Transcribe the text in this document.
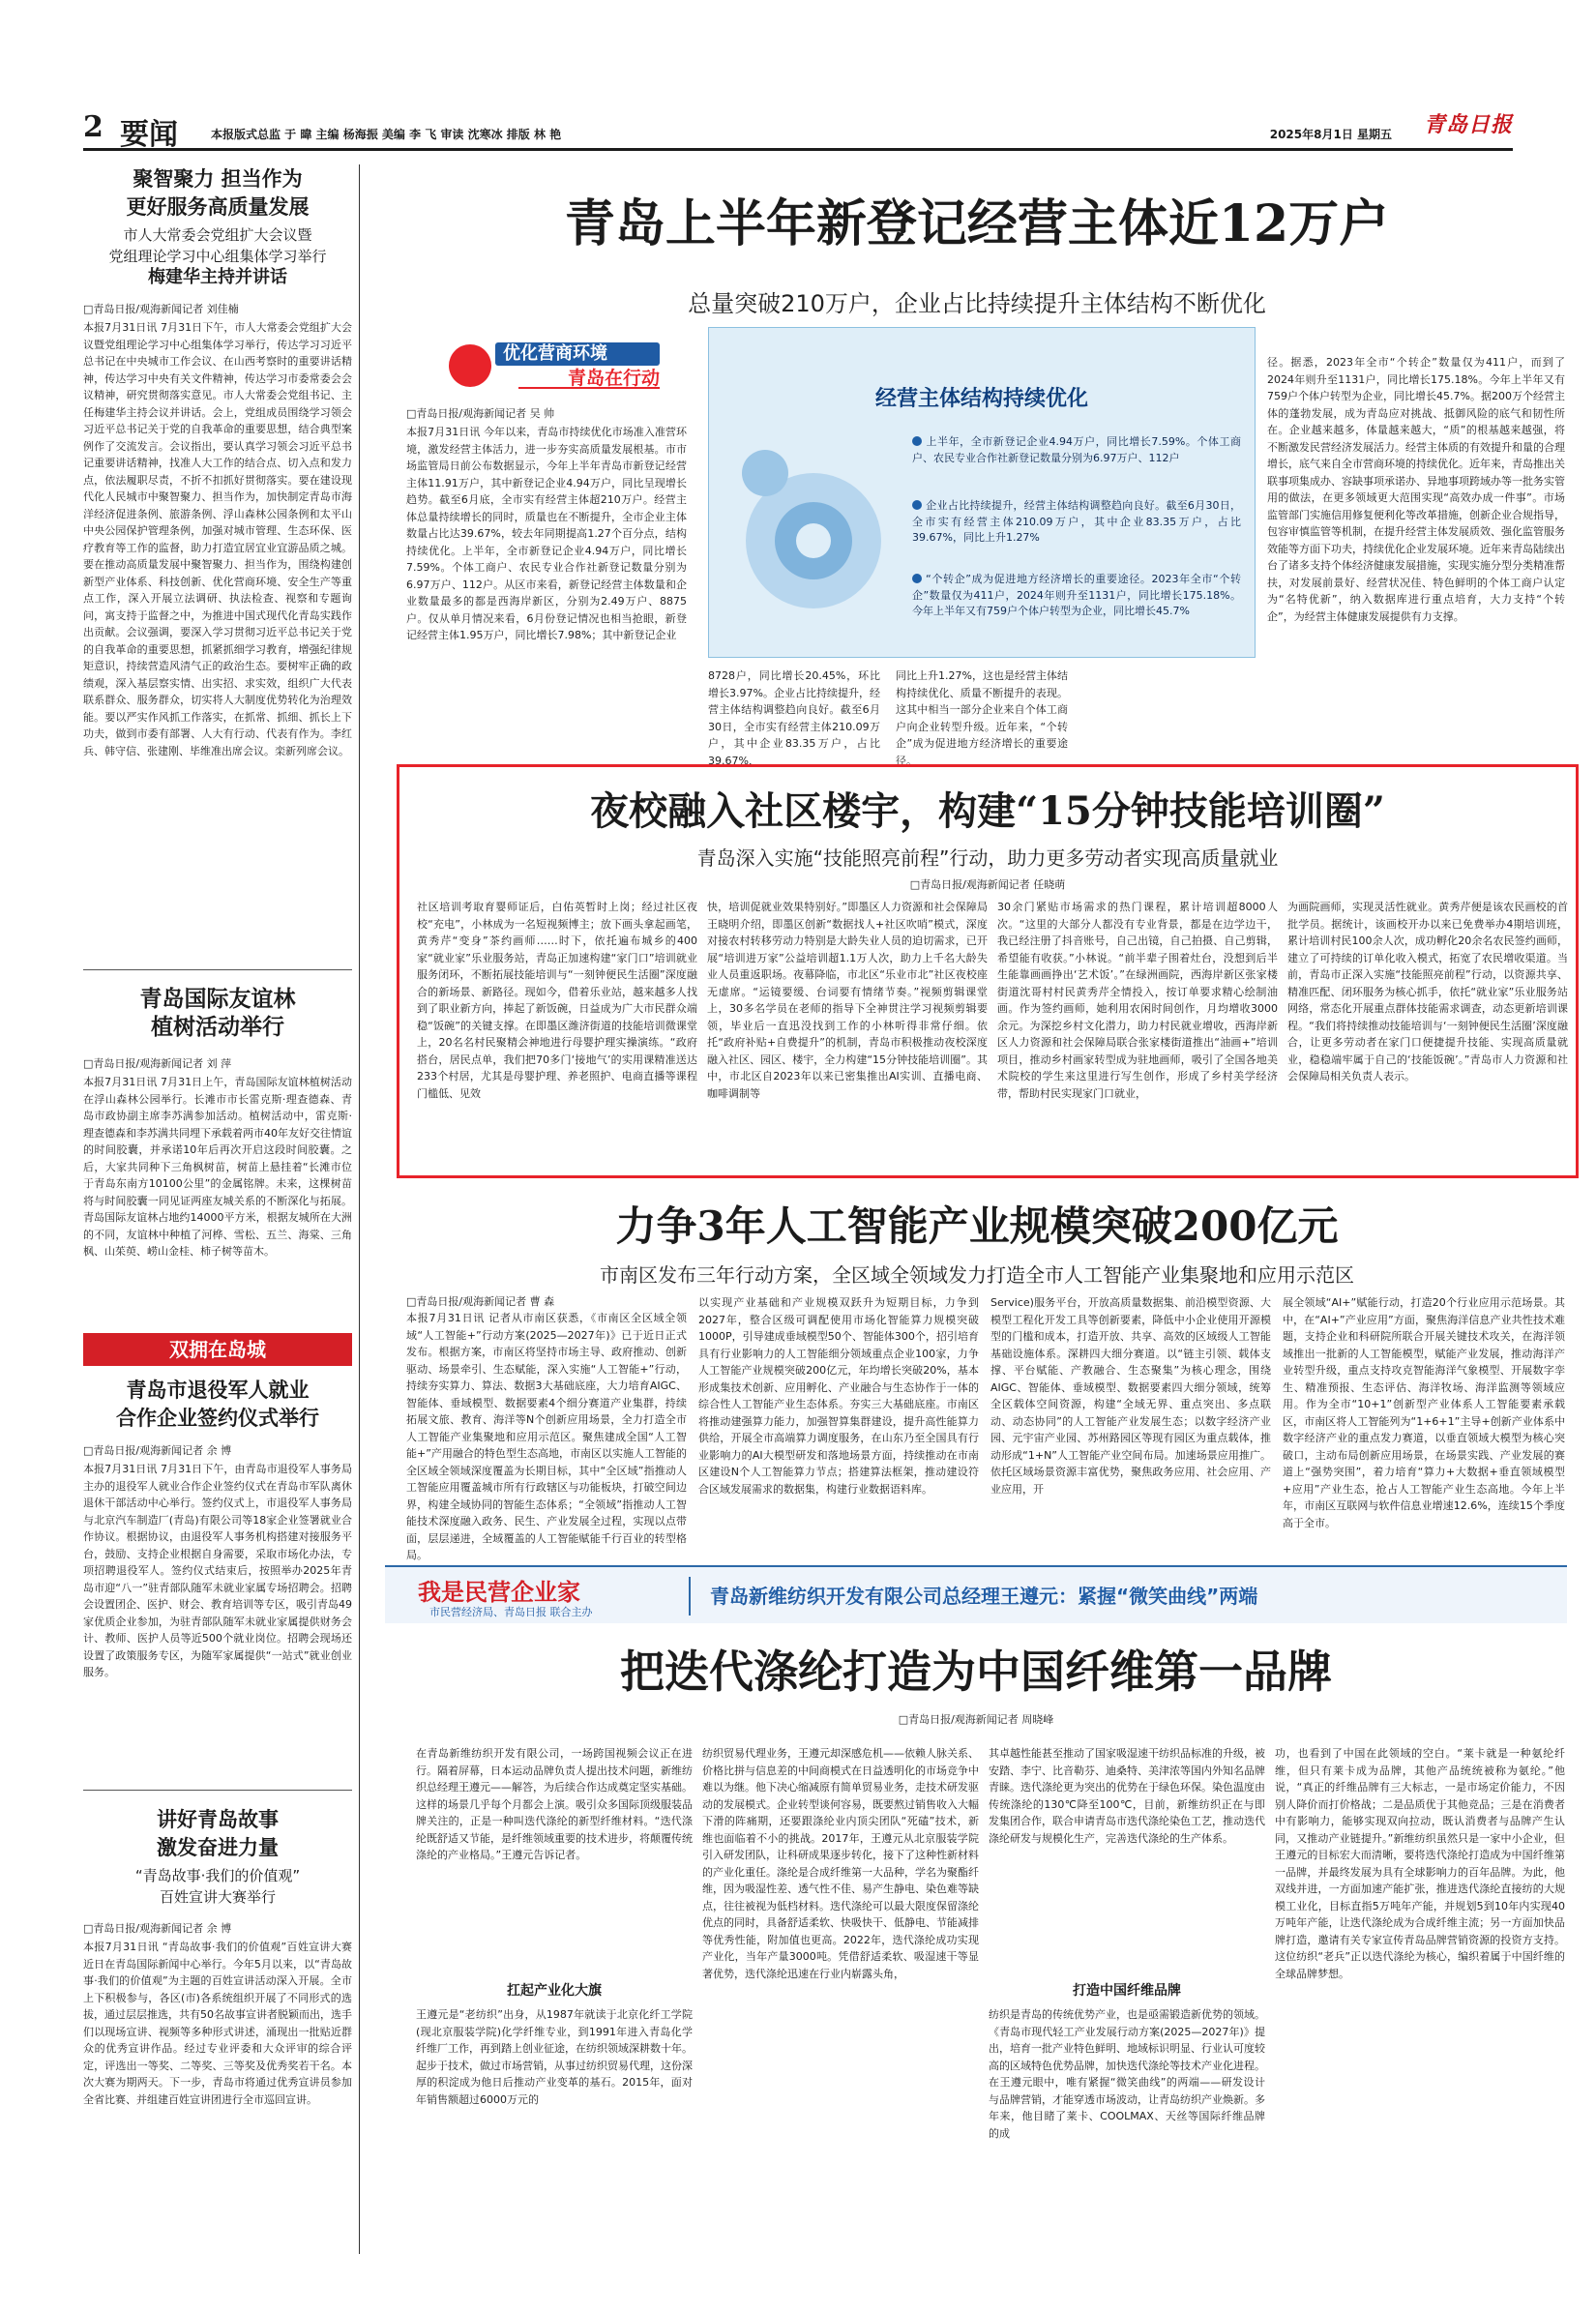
2 要闻	本报版式总监 于 暐 主编 杨海振 美编 李 飞 审读 沈寒冰 排版 林 艳	2025年8月1日 星期五	青岛日报
聚智聚力 担当作为
更好服务高质量发展
市人大常委会党组扩大会议暨
党组理论学习中心组集体学习举行
梅建华主持并讲话
□青岛日报/观海新闻记者 刘佳楠
本报7月31日讯 7月31日下午，市人大常委会党组扩大会议暨党组理论学习中心组集体学习举行，传达学习习近平总书记在中央城市工作会议、在山西考察时的重要讲话精神，传达学习中央有关文件精神，传达学习市委常委会会议精神，研究贯彻落实意见。市人大常委会党组书记、主任梅建华主持会议并讲话。会上，党组成员围绕学习领会习近平总书记关于党的自我革命的重要思想，结合典型案例作了交流发言。会议指出，要认真学习领会习近平总书记重要讲话精神，找准人大工作的结合点、切入点和发力点，依法履职尽责，不折不扣抓好贯彻落实。要在建设现代化人民城市中聚智聚力、担当作为，加快制定青岛市海洋经济促进条例、旅游条例、浮山森林公园条例和太平山中央公园保护管理条例，加强对城市管理、生态环保、医疗教育等工作的监督，助力打造宜居宜业宜游品质之城。要在推动高质量发展中聚智聚力、担当作为，围绕构建创新型产业体系、科技创新、优化营商环境、安全生产等重点工作，深入开展立法调研、执法检查、视察和专题询问，寓支持于监督之中，为推进中国式现代化青岛实践作出贡献。会议强调，要深入学习贯彻习近平总书记关于党的自我革命的重要思想，抓紧抓细学习教育，增强纪律规矩意识，持续营造风清气正的政治生态。要树牢正确的政绩观，深入基层察实情、出实招、求实效，组织广大代表联系群众、服务群众，切实将人大制度优势转化为治理效能。要以严实作风抓工作落实，在抓常、抓细、抓长上下功夫，做到市委有部署、人大有行动、代表有作为。李红兵、韩守信、张建刚、毕维准出席会议。栾新列席会议。
青岛国际友谊林
植树活动举行
□青岛日报/观海新闻记者 刘 萍
本报7月31日讯 7月31日上午，青岛国际友谊林植树活动在浮山森林公园举行。长滩市市长雷克斯·理查德森、青岛市政协副主席李苏满参加活动。植树活动中，雷克斯·理查德森和李苏满共同埋下承载着两市40年友好交往情谊的时间胶囊，并承诺10年后再次开启这段时间胶囊。之后，大家共同种下三角枫树苗，树苗上悬挂着“长滩市位于青岛东南方10100公里”的金属铭牌。未来，这棵树苗将与时间胶囊一同见证两座友城关系的不断深化与拓展。青岛国际友谊林占地约14000平方米，根据友城所在大洲的不同，友谊林中种植了河桦、雪松、五兰、海棠、三角枫、山茱萸、崂山金桂、柿子树等苗木。
双拥在岛城
青岛市退役军人就业
合作企业签约仪式举行
□青岛日报/观海新闻记者 余 博
本报7月31日讯 7月31日下午，由青岛市退役军人事务局主办的退役军人就业合作企业签约仪式在青岛市军队离休退休干部活动中心举行。签约仪式上，市退役军人事务局与北京汽车制造厂(青岛)有限公司等18家企业签署就业合作协议。根据协议，由退役军人事务机构搭建对接服务平台，鼓励、支持企业根据自身需要，采取市场化办法，专项招聘退役军人。签约仪式结束后，按照举办2025年青岛市迎“八一”驻青部队随军未就业家属专场招聘会。招聘会设置团企、医护、财会、教育培训等专区，吸引青岛49家优质企业参加，为驻青部队随军未就业家属提供财务会计、教师、医护人员等近500个就业岗位。招聘会现场还设置了政策服务专区，为随军家属提供“一站式”就业创业服务。
讲好青岛故事
激发奋进力量
“青岛故事·我们的价值观”
百姓宣讲大赛举行
□青岛日报/观海新闻记者 余 博
本报7月31日讯 “青岛故事·我们的价值观”百姓宣讲大赛近日在青岛国际新闻中心举行。今年5月以来，以“青岛故事·我们的价值观”为主题的百姓宣讲活动深入开展。全市上下积极参与，各区(市)各系统组织开展了不同形式的选拔，通过层层推选，共有50名故事宣讲者脱颖而出，选手们以现场宣讲、视频等多种形式讲述，涌现出一批贴近群众的优秀宣讲作品。经过专业评委和大众评审的综合评定，评选出一等奖、二等奖、三等奖及优秀奖若干名。本次大赛为期两天。下一步，青岛市将通过优秀宣讲员参加全省比赛、并组建百姓宣讲团进行全市巡回宣讲。
青岛上半年新登记经营主体近12万户
总量突破210万户，企业占比持续提升主体结构不断优化
优化营商环境
青岛在行动
□青岛日报/观海新闻记者 吴 帅
本报7月31日讯 今年以来，青岛市持续优化市场准入准营环境，激发经营主体活力，进一步夯实高质量发展根基。市市场监管局日前公布数据显示，今年上半年青岛市新登记经营主体11.91万户，其中新登记企业4.94万户，同比呈现增长趋势。截至6月底，全市实有经营主体超210万户。经营主体总量持续增长的同时，质量也在不断提升，全市企业主体数量占比达39.67%，较去年同期提高1.27个百分点，结构持续优化。上半年，全市新登记企业4.94万户，同比增长7.59%。个体工商户、农民专业合作社新登记数量分别为6.97万户、112户。从区市来看，新登记经营主体数量和企业数量最多的都是西海岸新区，分别为2.49万户、8875户。仅从单月情况来看，6月份登记情况也相当抢眼，新登记经营主体1.95万户，同比增长7.98%；其中新登记企业
经营主体结构持续优化
上半年，全市新登记企业4.94万户，同比增长7.59%。个体工商户、农民专业合作社新登记数量分别为6.97万户、112户
企业占比持续提升，经营主体结构调整趋向良好。截至6月30日，全市实有经营主体210.09万户，其中企业83.35万户，占比39.67%，同比上升1.27%
“个转企”成为促进地方经济增长的重要途径。2023年全市“个转企”数量仅为411户，2024年则升至1131户，同比增长175.18%。今年上半年又有759户个体户转型为企业，同比增长45.7%
8728户，同比增长20.45%，环比增长3.97%。企业占比持续提升，经营主体结构调整趋向良好。截至6月30日，全市实有经营主体210.09万户，其中企业83.35万户，占比39.67%，
同比上升1.27%，这也是经营主体结构持续优化、质量不断提升的表现。这其中相当一部分企业来自个体工商户向企业转型升级。近年来，“个转企”成为促进地方经济增长的重要途径。
径。据悉，2023年全市“个转企”数量仅为411户，而到了2024年则升至1131户，同比增长175.18%。今年上半年又有759户个体户转型为企业，同比增长45.7%。据200万个经营主体的蓬勃发展，成为青岛应对挑战、抵御风险的底气和韧性所在。企业越来越多，体量越来越大，“质”的根基越来越强，将不断激发民营经济发展活力。经营主体质的有效提升和量的合理增长，底气来自全市营商环境的持续优化。近年来，青岛推出关联事项集成办、容缺事项承诺办、异地事项跨域办等一批务实管用的做法，在更多领域更大范围实现“高效办成一件事”。市场监管部门实施信用修复便利化等改革措施，创新企业合规指导，包容审慎监管等机制，在提升经营主体发展质效、强化监管服务效能等方面下功夫，持续优化企业发展环境。近年来青岛陆续出台了诸多支持个体经济健康发展措施，实现实施分型分类精准帮扶，对发展前景好、经营状况佳、特色鲜明的个体工商户认定为“名特优新”，纳入数据库进行重点培育，大力支持“个转企”，为经营主体健康发展提供有力支撑。
夜校融入社区楼宇，构建“15分钟技能培训圈”
青岛深入实施“技能照亮前程”行动，助力更多劳动者实现高质量就业
□青岛日报/观海新闻记者 任晓萌
社区培训考取育婴师证后，白佑英暂时上岗；经过社区夜校“充电”，小林成为一名短视频博主；放下画头拿起画笔，黄秀芹“变身”茶约画师……时下，依托遍布城乡的400家“就业家”乐业服务站，青岛正加速构建“家门口”培训就业服务闭环，不断拓展技能培训与“一刻钟便民生活圈”深度融合的新场景、新路径。现如今，借着乐业站，越来越多人找到了职业新方向，捧起了新饭碗，日益成为广大市民群众端稳“饭碗”的关键支撑。在即墨区潍济街道的技能培训微课堂上，20名名村民聚精会神地进行母婴护理实操演练。“政府搭台，居民点单，我们把70多门‘接地气’的实用课精准送达233个村居，尤其是母婴护理、养老照护、电商直播等课程门槛低、见效
快，培训促就业效果特别好。”即墨区人力资源和社会保障局王晓明介绍，即墨区创新“数据找人+社区吹哨”模式，深度对接农村转移劳动力特别是大龄失业人员的迫切需求，已开展“培训进万家”公益培训超1.1万人次，助力上千名大龄失业人员重返职场。夜幕降临，市北区“乐业市北”社区夜校座无虚席。“运镜要缓、台词要有情绪节奏。”视频剪辑课堂上，30多名学员在老师的指导下全神贯注学习视频剪辑要领，毕业后一直迅没找到工作的小林听得非常仔细。依托“政府补贴+自费提升”的机制，青岛市积极推动夜校深度融入社区、园区、楼宇，全力构建“15分钟技能培训圈”。其中，市北区自2023年以来已密集推出AI实训、直播电商、咖啡调制等
30余门紧贴市场需求的热门课程，累计培训超8000人次。“这里的大部分人都没有专业背景，都是在边学边干，我已经注册了抖音账号，自己出镜，自己拍摄、自己剪辑，希望能有收获。”小林说。“前半辈子围着灶台，没想到后半生能靠画画挣出‘艺术饭’。”在绿洲画院，西海岸新区张家楼街道沈哥村村民黄秀芹全情投入，按订单要求精心绘制油画。作为签约画师，她利用农闲时间创作，月均增收3000余元。为深挖乡村文化潜力，助力村民就业增收，西海岸新区人力资源和社会保障局联合张家楼街道推出“油画+”培训项目，推动乡村画家转型成为驻地画师，吸引了全国各地美术院校的学生来这里进行写生创作，形成了乡村美学经济带，帮助村民实现家门口就业，
为画院画师，实现灵活性就业。黄秀芹便是该农民画校的首批学员。据统计，该画校开办以来已免费举办4期培训班，累计培训村民100余人次，成功孵化20余名农民签约画师，建立了可持续的订单化收入模式，拓宽了农民增收渠道。当前，青岛市正深入实施“技能照亮前程”行动，以资源共享、精准匹配、闭环服务为核心抓手，依托“就业家”乐业服务站网络，常态化开展重点群体技能需求调查，动态更新培训课程。“我们将持续推动技能培训与‘一刻钟便民生活圈’深度融合，让更多劳动者在家门口便捷提升技能、实现高质量就业，稳稳端牢属于自己的‘技能饭碗’。”青岛市人力资源和社会保障局相关负责人表示。
力争3年人工智能产业规模突破200亿元
市南区发布三年行动方案，全区域全领域发力打造全市人工智能产业集聚地和应用示范区
□青岛日报/观海新闻记者 曹 森
本报7月31日讯 记者从市南区获悉，《市南区全区域全领域“人工智能+”行动方案(2025—2027年)》已于近日正式发布。根据方案，市南区将坚持市场主导、政府推动、创新驱动、场景牵引、生态赋能，深入实施“人工智能+”行动，持续夯实算力、算法、数据3大基础底座，大力培育AIGC、智能体、垂域模型、数据要素4个细分赛道产业集群，持续拓展文旅、教育、海洋等N个创新应用场景，全力打造全市人工智能产业集聚地和应用示范区。聚焦建成全国“人工智能+”产用融合的特色型生态高地，市南区以实施人工智能的全区域全领域深度覆盖为长期目标，其中“全区域”指推动人工智能应用覆盖城市所有行政辖区与功能板块，打破空间边界，构建全域协同的智能生态体系；“全领域”指推动人工智能技术深度融入政务、民生、产业发展全过程，实现以点带面，层层递进，全域覆盖的人工智能赋能千行百业的转型格局。
以实现产业基础和产业规模双跃升为短期目标，力争到2027年，整合区级可调配使用市场化智能算力规模突破1000P，引导建成垂域模型50个、智能体300个，招引培育具有行业影响力的人工智能细分领域重点企业100家，力争人工智能产业规模突破200亿元，年均增长突破20%，基本形成集技术创新、应用孵化、产业融合与生态协作于一体的综合性人工智能产业生态体系。夯实三大基础底座。市南区将推动建强算力能力，加强智算集群建设，提升高性能算力供给，开展全市高端算力调度服务，在山东乃至全国具有行业影响力的AI大模型研发和落地场景方面，持续推动在市南区建设N个人工智能算力节点；搭建算法框架，推动建设符合区域发展需求的数据集，构建行业数据语料库。
Service)服务平台，开放高质量数据集、前沿模型资源、大模型工程化开发工具等创新要素，降低中小企业使用开源模型的门槛和成本，打造开放、共享、高效的区域级人工智能基础设施体系。深耕四大细分赛道。以“链主引领、载体支撑、平台赋能、产教融合、生态聚集”为核心理念，围绕AIGC、智能体、垂域模型、数据要素四大细分领域，统筹全区载体空间资源，构建“全域无界、重点突出、多点联动、动态协同”的人工智能产业发展生态；以数字经济产业园、元宇宙产业园、苏州路园区等现有园区为重点载体，推动形成“1+N”人工智能产业空间布局。加速场景应用推广。依托区域场景资源丰富优势，聚焦政务应用、社会应用、产业应用，开
展全领域“AI+”赋能行动，打造20个行业应用示范场景。其中，在“AI+”产业应用”方面，聚焦海洋信息产业共性技术难题，支持企业和科研院所联合开展关键技术攻关，在海洋领域推出一批新的人工智能模型，赋能产业发展，推动海洋产业转型升级，重点支持攻克智能海洋气象模型、开展数字孪生、精准预报、生态评估、海洋牧场、海洋监测等领域应用。作为全市“10+1”创新型产业体系人工智能要素承载区，市南区将人工智能列为“1+6+1”主导+创新产业体系中数字经济产业的重点发力赛道，以垂直领域大模型为核心突破口，主动布局创新应用场景，在场景实践、产业发展的赛道上“强势突围”，着力培育“算力+大数据+垂直领域模型+应用”产业生态，抢占人工智能产业生态高地。今年上半年，市南区互联网与软件信息业增速12.6%，连续15个季度高于全市。
我是民营企业家
市民营经济局、青岛日报 联合主办
青岛新维纺织开发有限公司总经理王遵元：紧握“微笑曲线”两端
把迭代涤纶打造为中国纤维第一品牌
□青岛日报/观海新闻记者 周晓峰
在青岛新维纺织开发有限公司，一场跨国视频会议正在进行。隔着屏幕，日本运动品牌负责人提出技术问题，新维纺织总经理王遵元——解答，为后续合作达成奠定坚实基础。这样的场景几乎每个月都会上演。吸引众多国际顶级服装品牌关注的，正是一种叫迭代涤纶的新型纤维材料。“迭代涤纶既舒适又节能，是纤维领域重要的技术进步，将颠覆传统涤纶的产业格局。”王遵元告诉记者。
扛起产业化大旗
王遵元是“老纺织”出身，从1987年就读于北京化纤工学院(现北京服装学院)化学纤维专业，到1991年进入青岛化学纤维厂工作，再到踏上创业征途，在纺织领域深耕数十年。起步于技术，做过市场营销，从事过纺织贸易代理，这份深厚的积淀成为他日后推动产业变革的基石。2015年，面对年销售额超过6000万元的
纺织贸易代理业务，王遵元却深感危机——依赖人脉关系、价格比拼与信息差的中间商模式在日益透明化的市场竞争中难以为继。他下决心缩减原有简单贸易业务，走技术研发驱动的发展模式。企业转型谈何容易，既要熬过销售收入大幅下滑的阵痛期，还要跟涤纶业内顶尖团队“死磕”技术，新维也面临着不小的挑战。2017年，王遵元从北京服装学院引入研发团队，让科研成果逐步转化，接下了这种性新材料的产业化重任。涤纶是合成纤维第一大品种，学名为聚酯纤维，因为吸湿性差、透气性不佳、易产生静电、染色难等缺点，往往被视为低档材料。迭代涤纶可以最大限度保留涤纶优点的同时，具备舒适柔软、快吸快干、低静电、节能减排等优秀性能，附加值也更高。2022年，迭代涤纶成功实现产业化，当年产量3000吨。凭借舒适柔软、吸湿速干等显著优势，迭代涤纶迅速在行业内崭露头角，
其卓越性能甚至推动了国家吸湿速干纺织品标准的升级，被安踏、李宁、比音勒芬、迪桑特、美津浓等国内外知名品牌青睐。迭代涤纶更为突出的优势在于绿色环保。染色温度由传统涤纶的130℃降至100℃，目前，新维纺织正在与即发集团合作，联合申请青岛市迭代涤纶染色工艺，推动迭代涤纶研发与规模化生产，完善迭代涤纶的生产体系。
打造中国纤维品牌
纺织是青岛的传统优势产业，也是亟需锻造新优势的领域。《青岛市现代轻工产业发展行动方案(2025—2027年)》提出，培育一批产业特色鲜明、地域标识明显、行业认可度较高的区域特色优势品牌，加快迭代涤纶等技术产业化进程。在王遵元眼中，唯有紧握“微笑曲线”的两端——研发设计与品牌营销，才能穿透市场波动，让青岛纺织产业焕新。多年来，他目睹了莱卡、COOLMAX、天丝等国际纤维品牌的成
功，也看到了中国在此领域的空白。“莱卡就是一种氨纶纤维，但只有莱卡成为品牌，其他产品统统被称为氨纶。”他说，“真正的纤维品牌有三大标志，一是市场定价能力，不因别人降价而打价格战；二是品质优于其他竞品；三是在消费者中有影响力，能够实现双向拉动，既认消费者与品牌产生认同，又推动产业链提升。”新维纺织虽然只是一家中小企业，但王遵元的目标宏大而清晰，要将迭代涤纶打造成为中国纤维第一品牌，并最终发展为具有全球影响力的百年品牌。为此，他双线并进，一方面加速产能扩张，推进迭代涤纶直接纺的大规模工业化，目标直指5万吨年产能，并规划5到10年内实现40万吨年产能，让迭代涤纶成为合成纤维主流；另一方面加快品牌打造，邀请有关专家宣传青岛品牌营销资源的投资方支持。这位纺织“老兵”正以迭代涤纶为核心，编织着属于中国纤维的全球品牌梦想。
